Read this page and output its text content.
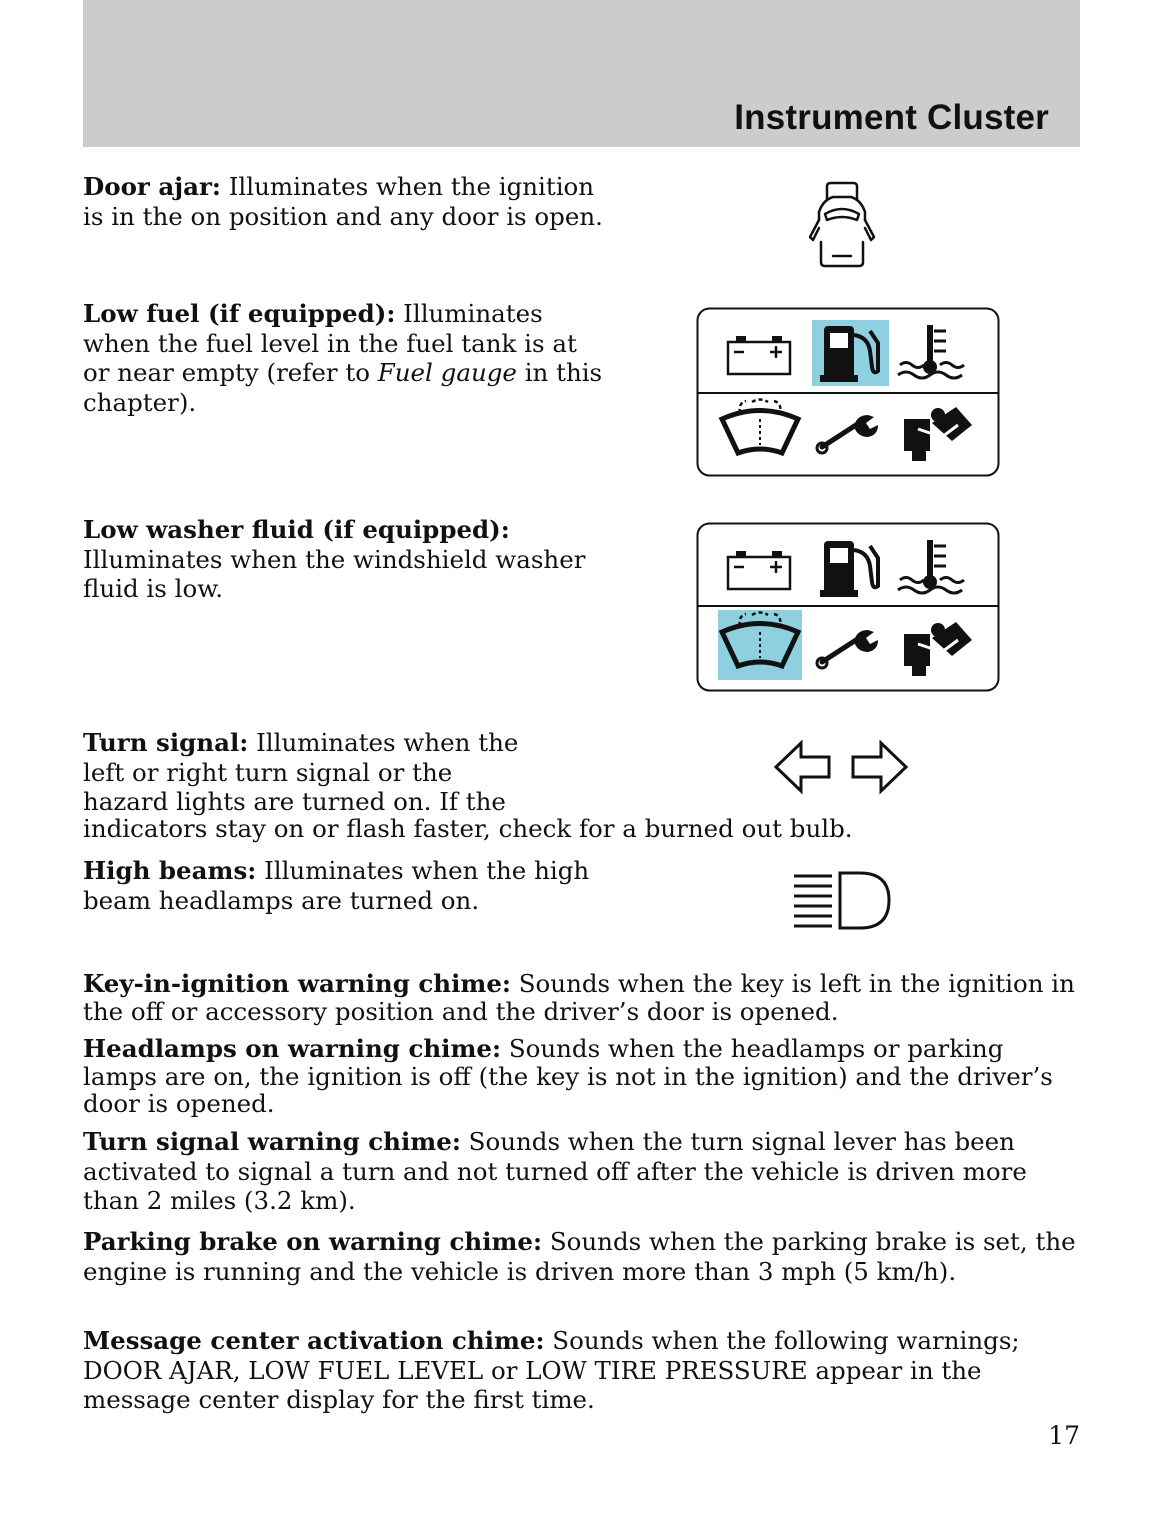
Instrument Cluster
Door ajar: Illuminates when the ignition is in the on position and any door is open.
Low fuel (if equipped): Illuminates when the fuel level in the fuel tank is at or near empty (refer to Fuel gauge in this chapter).
Low washer fluid (if equipped): Illuminates when the windshield washer fluid is low.
Turn signal: Illuminates when the
left or right turn signal or the
hazard lights are turned on. If the
indicators stay on or flash faster, check for a burned out bulb.
High beams: Illuminates when the high beam headlamps are turned on.
Key-in-ignition warning chime: Sounds when the key is left in the ignition in the off or accessory position and the driver’s door is opened.
Headlamps on warning chime: Sounds when the headlamps or parking lamps are on, the ignition is off (the key is not in the ignition) and the driver’s door is opened.
Turn signal warning chime: Sounds when the turn signal lever has been activated to signal a turn and not turned off after the vehicle is driven more than 2 miles (3.2 km).
Parking brake on warning chime: Sounds when the parking brake is set, the engine is running and the vehicle is driven more than 3 mph (5 km/h).
Message center activation chime: Sounds when the following warnings; DOOR AJAR, LOW FUEL LEVEL or LOW TIRE PRESSURE appear in the message center display for the first time.
17
